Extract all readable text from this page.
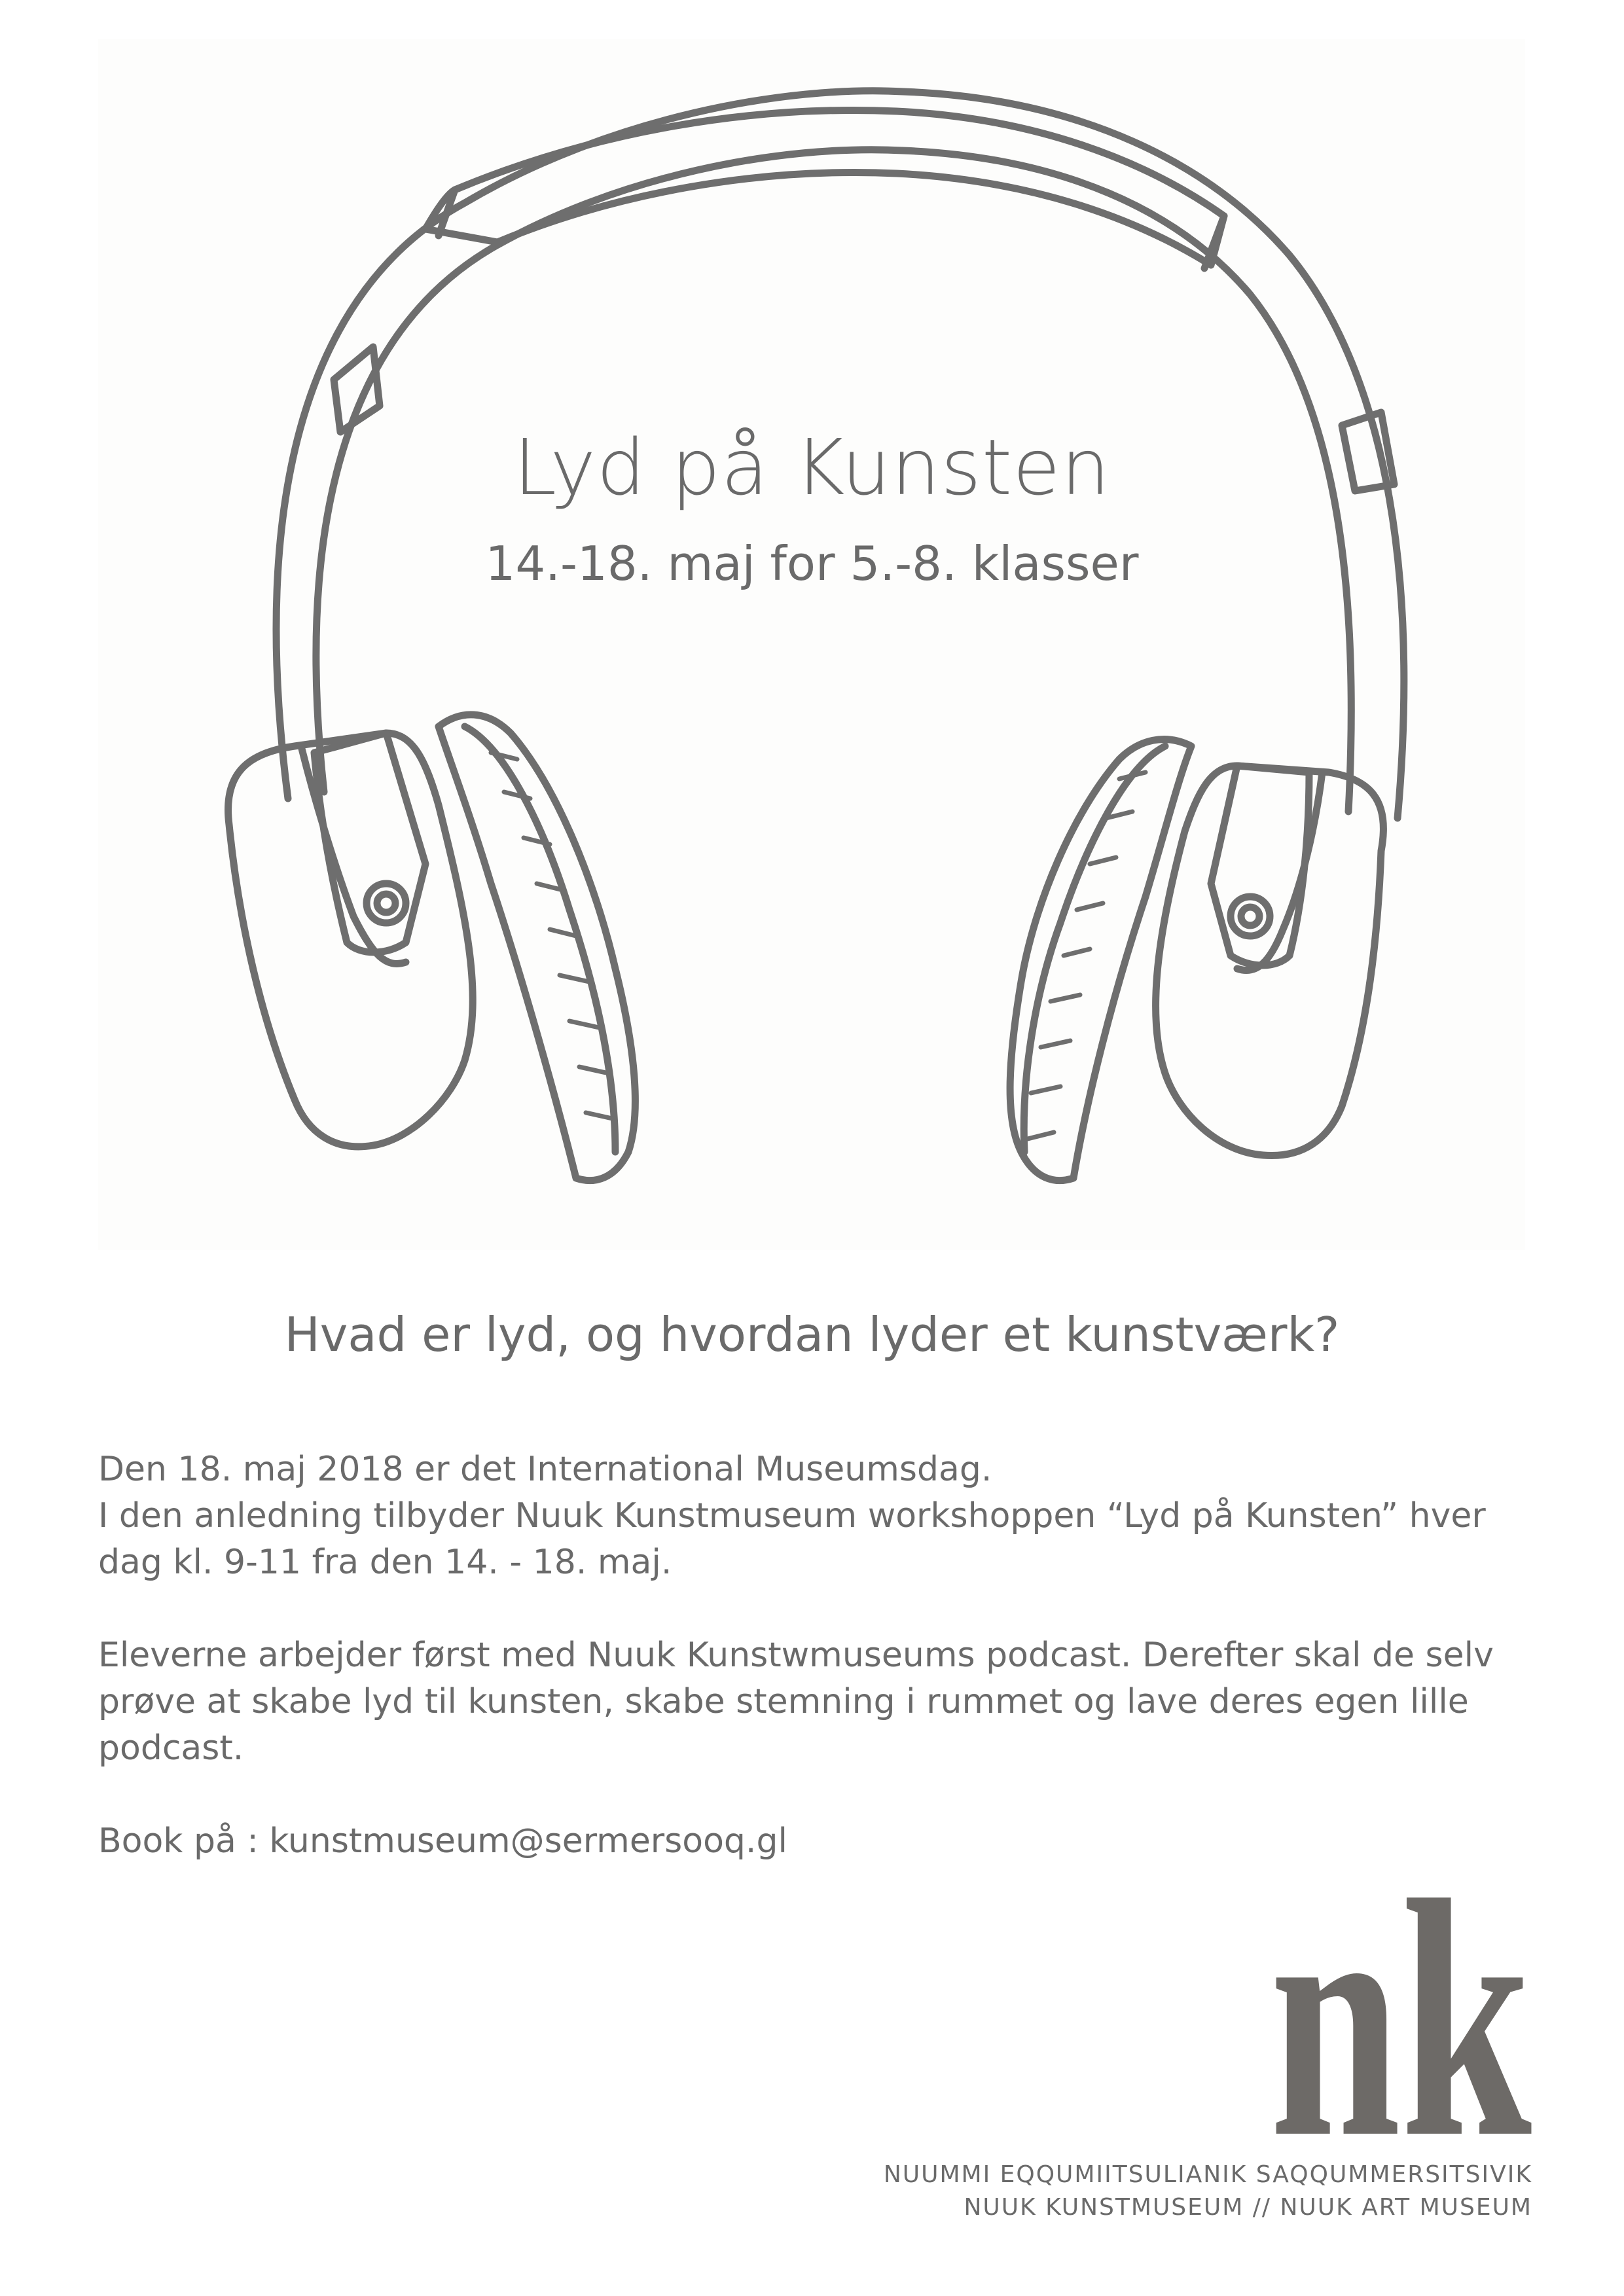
Lyd på Kunsten
14.-18. maj for 5.-8. klasser
Hvad er lyd, og hvordan lyder et kunstværk?

Den 18. maj 2018 er det International Museumsdag.

I den anledning tilbyder Nuuk Kunstmuseum workshoppen “Lyd på Kunsten” hver

dag kl. 9-11 fra den 14. - 18. maj.

Eleverne arbejder først med Nuuk Kunstwmuseums podcast. Derefter skal de selv

prøve at skabe lyd til kunsten, skabe stemning i rummet og lave deres egen lille

podcast.

Book på : kunstmuseum@sermersooq.gl	nk
NUUMMI EQQUMIITSULIANIK SAQQUMMERSITSIVIK
NUUK KUNSTMUSEUM // NUUK ART MUSEUM
